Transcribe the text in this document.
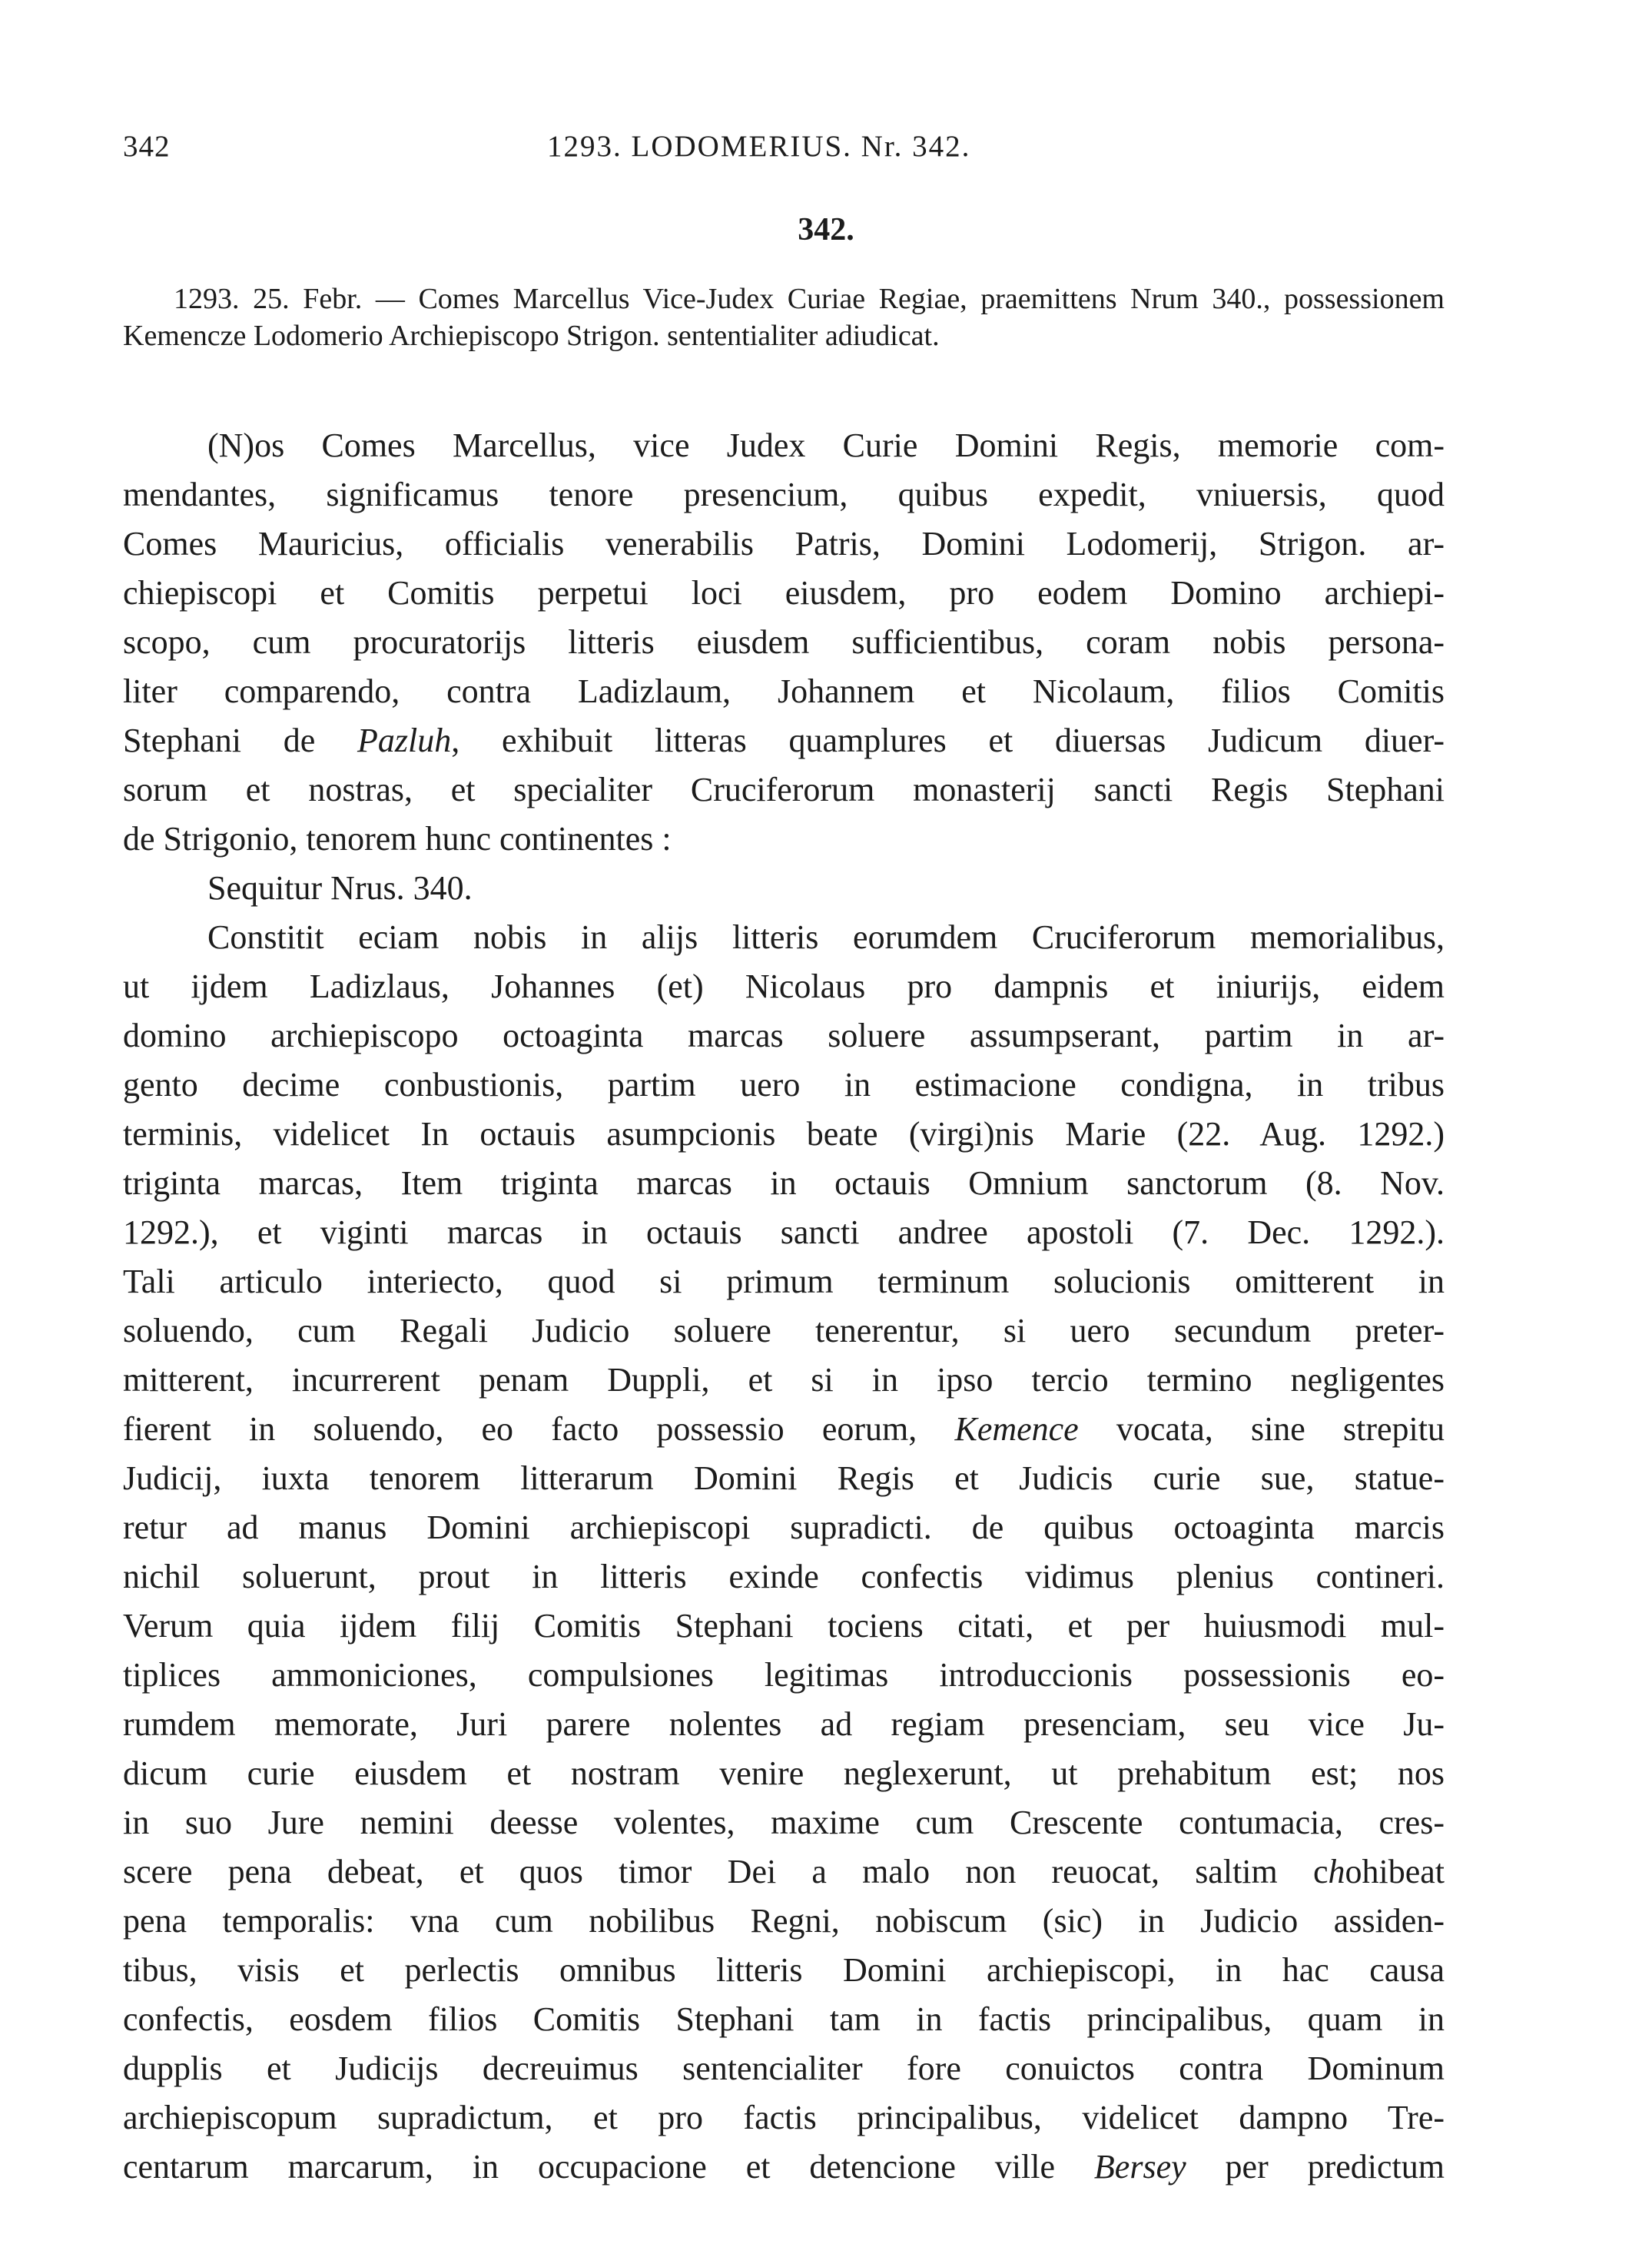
342	1293. LODOMERIUS. Nr. 342.
342.

1293. 25. Febr. — Comes Marcellus Vice-Judex Curiae Regiae, praemittens Nrum 340., possessionem Kemencze Lodomerio Archiepiscopo Strigon. sententialiter adiudicat.

(N)os Comes Marcellus, vice Judex Curie Domini Regis, memorie com-
mendantes, significamus tenore presencium, quibus expedit, vniuersis, quod
Comes Mauricius, officialis venerabilis Patris, Domini Lodomerij, Strigon. ar-
chiepiscopi et Comitis perpetui loci eiusdem, pro eodem Domino archiepi-
scopo, cum procuratorijs litteris eiusdem sufficientibus, coram nobis persona-
liter comparendo, contra Ladizlaum, Johannem et Nicolaum, filios Comitis
Stephani de Pazluh, exhibuit litteras quamplures et diuersas Judicum diuer-
sorum et nostras, et specialiter Cruciferorum monasterij sancti Regis Stephani
de Strigonio, tenorem hunc continentes :
Sequitur Nrus. 340.
Constitit eciam nobis in alijs litteris eorumdem Cruciferorum memorialibus,
ut ijdem Ladizlaus, Johannes (et) Nicolaus pro dampnis et iniurijs, eidem
domino archiepiscopo octoaginta marcas soluere assumpserant, partim in ar-
gento decime conbustionis, partim uero in estimacione condigna, in tribus
terminis, videlicet In octauis asumpcionis beate (virgi)nis Marie (22. Aug. 1292.)
triginta marcas, Item triginta marcas in octauis Omnium sanctorum (8. Nov.
1292.), et viginti marcas in octauis sancti andree apostoli (7. Dec. 1292.).
Tali articulo interiecto, quod si primum terminum solucionis omitterent in
soluendo, cum Regali Judicio soluere tenerentur, si uero secundum preter-
mitterent, incurrerent penam Duppli, et si in ipso tercio termino negligentes
fierent in soluendo, eo facto possessio eorum, Kemence vocata, sine strepitu
Judicij, iuxta tenorem litterarum Domini Regis et Judicis curie sue, statue-
retur ad manus Domini archiepiscopi supradicti. de quibus octoaginta marcis
nichil soluerunt, prout in litteris exinde confectis vidimus plenius contineri.
Verum quia ijdem filij Comitis Stephani tociens citati, et per huiusmodi mul-
tiplices ammoniciones, compulsiones legitimas introduccionis possessionis eo-
rumdem memorate, Juri parere nolentes ad regiam presenciam, seu vice Ju-
dicum curie eiusdem et nostram venire neglexerunt, ut prehabitum est; nos
in suo Jure nemini deesse volentes, maxime cum Crescente contumacia, cres-
scere pena debeat, et quos timor Dei a malo non reuocat, saltim chohibeat
pena temporalis: vna cum nobilibus Regni, nobiscum (sic) in Judicio assiden-
tibus, visis et perlectis omnibus litteris Domini archiepiscopi, in hac causa
confectis, eosdem filios Comitis Stephani tam in factis principalibus, quam in
dupplis et Judicijs decreuimus sentencialiter fore conuictos contra Dominum
archiepiscopum supradictum, et pro factis principalibus, videlicet dampno Tre-
centarum marcarum, in occupacione et detencione ville Bersey per predictum
